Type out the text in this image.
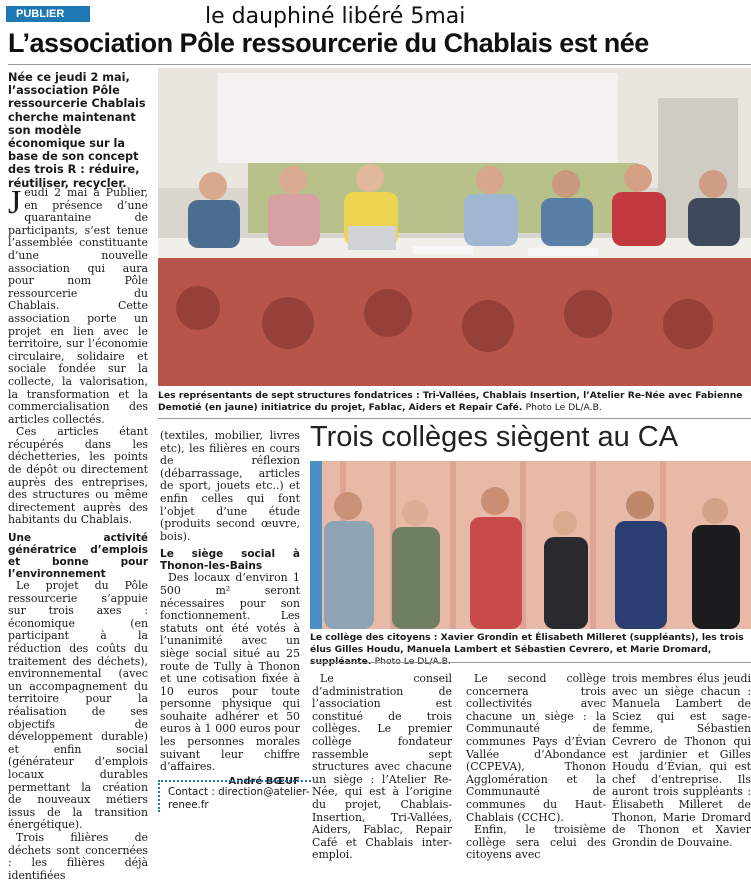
PUBLIER	le dauphiné libéré 5mai
L’association Pôle ressourcerie du Chablais est née
Née ce jeudi 2 mai, l’association Pôle ressourcerie Chablais cherche maintenant son modèle économique sur la base de son concept des trois R : réduire, réutiliser, recycler.

Jeudi 2 mai à Publier, en présence d’une quarantaine de participants, s’est tenue l’assemblée constituante d’une nouvelle association qui aura pour nom Pôle ressourcerie du Chablais. Cette association porte un projet en lien avec le territoire, sur l’économie circulaire, solidaire et sociale fondée sur la collecte, la valorisation, la transformation et la commercialisation des articles collectés.

Ces articles étant récupérés dans les déchetteries, les points de dépôt ou directement auprès des entreprises, des structures ou même directement auprès des habitants du Chablais.

Une activité génératrice d’emplois et bonne pour l’environnement

Le projet du Pôle ressourcerie s’appuie sur trois axes : économique (en participant à la réduction des coûts du traitement des déchets), environnemental (avec un accompagnement du territoire pour la réalisation de ses objectifs de développement durable) et enfin social (générateur d’emplois locaux durables permettant la création de nouveaux métiers issus de la transition énergétique).

Trois filières de déchets sont concernées : les filières déjà identifiées

Les représentants de sept structures fondatrices : Tri-Vallées, Chablais Insertion, l’Atelier Re-Née avec Fabienne Demotié (en jaune) initiatrice du projet, Fablac, Aiders et Repair Café. Photo Le DL/A.B.

(textiles, mobilier, livres etc), les filières en cours de réflexion (débarrassage, articles de sport, jouets etc..) et enfin celles qui font l’objet d’une étude (produits second œuvre, bois).

Le siège social à Thonon-les-Bains

Des locaux d’environ 1 500 m² seront nécessaires pour son fonctionnement. Les statuts ont été votés à l’unanimité avec un siège social situé au 25 route de Tully à Thonon et une cotisation fixée à 10 euros pour toute personne physique qui souhaite adhérer et 50 euros à 1 000 euros pour les personnes morales suivant leur chiffre d’affaires.

André BŒUF
Contact : direction@atelier-renee.fr
Trois collèges siègent au CA
Le collège des citoyens : Xavier Grondin et Élisabeth Milleret (suppléants), les trois élus Gilles Houdu, Manuela Lambert et Sébastien Cevrero, et Marie Dromard,

Le conseil d’administration de l’association est constitué de trois collèges. Le premier collège fondateur rassemble sept structures avec chacune un siège : l’Atelier Re-Née, qui est à l’origine du projet, Chablais-Insertion, Tri-Vallées, Aiders, Fablac, Repair Café et Chablais inter-emploi.

Le second collège concernera trois collectivités avec chacune un siège : la Communauté de communes Pays d’Évian Vallée d’Abondance (CCPEVA), Thonon Agglomération et la Communauté de communes du Haut-Chablais (CCHC).

Enfin, le troisième collège sera celui des citoyens avec

trois membres élus jeudi avec un siège chacun : Manuela Lambert de Sciez qui est sage-femme, Sébastien Cevrero de Thonon qui est jardinier et Gilles Houdu d’Évian, qui est chef d’entreprise. Ils auront trois suppléants : Élisabeth Milleret de Thonon, Marie Dromard de Thonon et Xavier Grondin de Douvaine.
